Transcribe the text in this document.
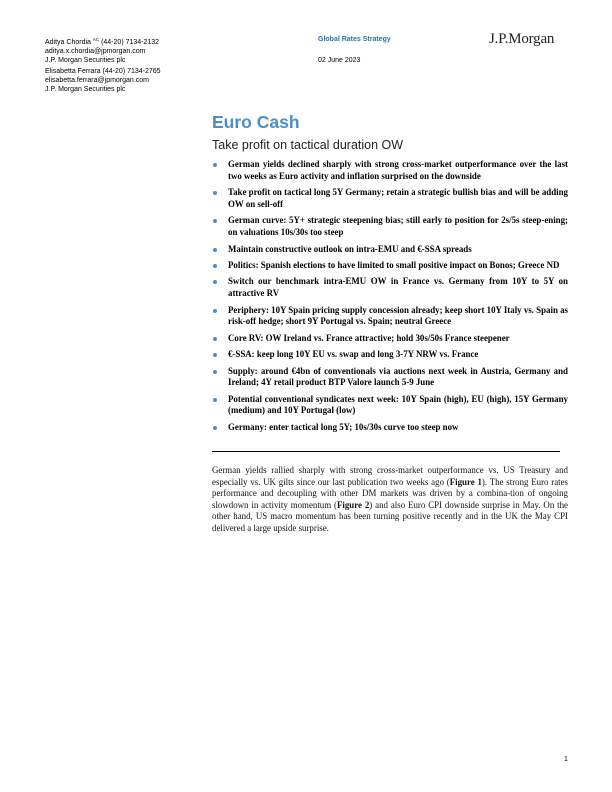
Aditya Chordia $^{AC}$ (44-20) 7134-2132
aditya.x.chordia@jpmorgan.com
J.P. Morgan Securities plc
Elisabetta Ferrara (44-20) 7134-2765
elisabetta.ferrara@jpmorgan.com
J.P. Morgan Securities plc
Global Rates Strategy
02 June 2023
J.P.Morgan
Euro Cash
Take profit on tactical duration OW
German yields declined sharply with strong cross-market outperformance over the last two weeks as Euro activity and inflation surprised on the downside
Take profit on tactical long 5Y Germany; retain a strategic bullish bias and will be adding OW on sell-off
German curve: 5Y+ strategic steepening bias; still early to position for 2s/5s steep-ening; on valuations 10s/30s too steep
Maintain constructive outlook on intra-EMU and €-SSA spreads
Politics: Spanish elections to have limited to small positive impact on Bonos; Greece ND
Switch our benchmark intra-EMU OW in France vs. Germany from 10Y to 5Y on attractive RV
Periphery: 10Y Spain pricing supply concession already; keep short 10Y Italy vs. Spain as risk-off hedge; short 9Y Portugal vs. Spain; neutral Greece
Core RV: OW Ireland vs. France attractive; hold 30s/50s France steepener
€-SSA: keep long 10Y EU vs. swap and long 3-7Y NRW vs. France
Supply: around €4bn of conventionals via auctions next week in Austria, Germany and Ireland; 4Y retail product BTP Valore launch 5-9 June
Potential conventional syndicates next week: 10Y Spain (high), EU (high), 15Y Germany (medium) and 10Y Portugal (low)
Germany: enter tactical long 5Y; 10s/30s curve too steep now

German yields rallied sharply with strong cross-market outperformance vs. US Treasury and especially vs. UK gilts since our last publication two weeks ago (Figure 1). The strong Euro rates performance and decoupling with other DM markets was driven by a combina-tion of ongoing slowdown in activity momentum (Figure 2) and also Euro CPI downside surprise in May. On the other hand, US macro momentum has been turning positive recently and in the UK the May CPI delivered a large upside surprise.

1
